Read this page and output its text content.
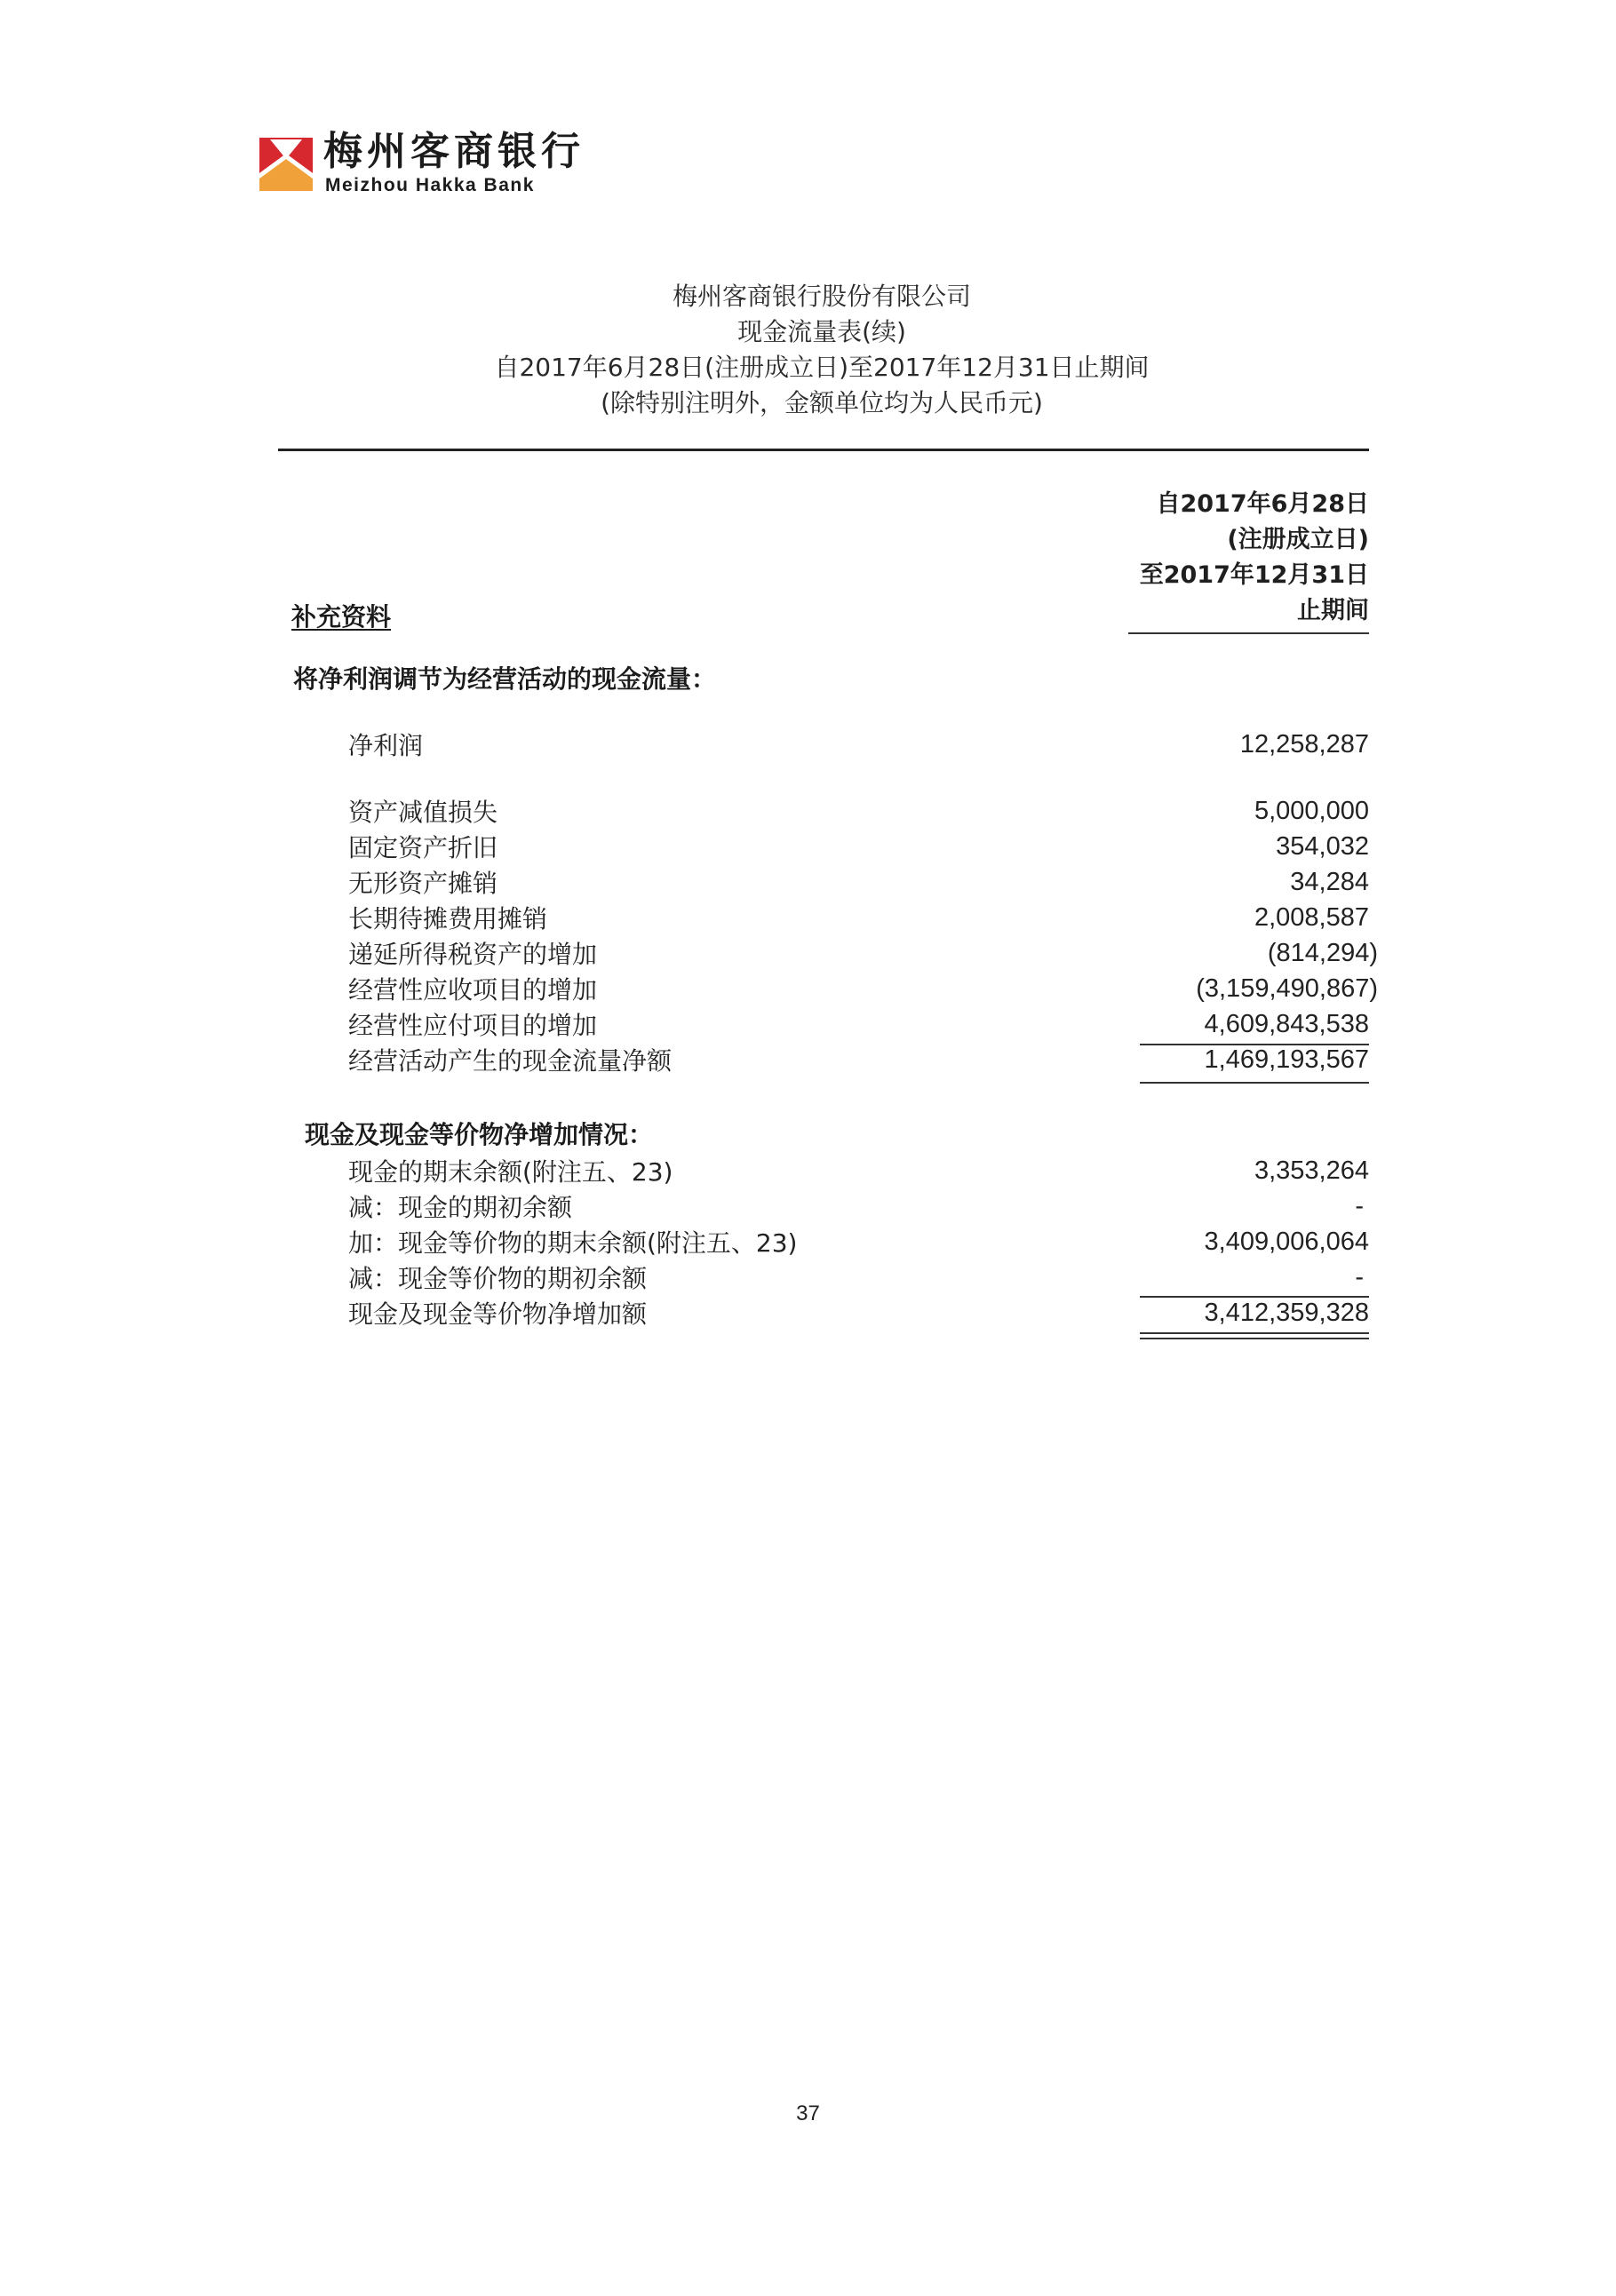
梅州客商银行
Meizhou Hakka Bank
梅州客商银行股份有限公司
现金流量表(续)
自2017年6月28日(注册成立日)至2017年12月31日止期间
(除特别注明外，金额单位均为人民币元)
自2017年6月28日
(注册成立日)
至2017年12月31日
止期间
补充资料
将净利润调节为经营活动的现金流量：
净利润	12,258,287
资产减值损失	5,000,000
固定资产折旧	354,032
无形资产摊销	34,284
长期待摊费用摊销	2,008,587
递延所得税资产的增加	(814,294)
经营性应收项目的增加	(3,159,490,867)
经营性应付项目的增加	4,609,843,538
经营活动产生的现金流量净额	1,469,193,567
现金及现金等价物净增加情况：
现金的期末余额(附注五、23)	3,353,264
减：现金的期初余额	-
加：现金等价物的期末余额(附注五、23)	3,409,006,064
减：现金等价物的期初余额	-
现金及现金等价物净增加额	3,412,359,328
37
